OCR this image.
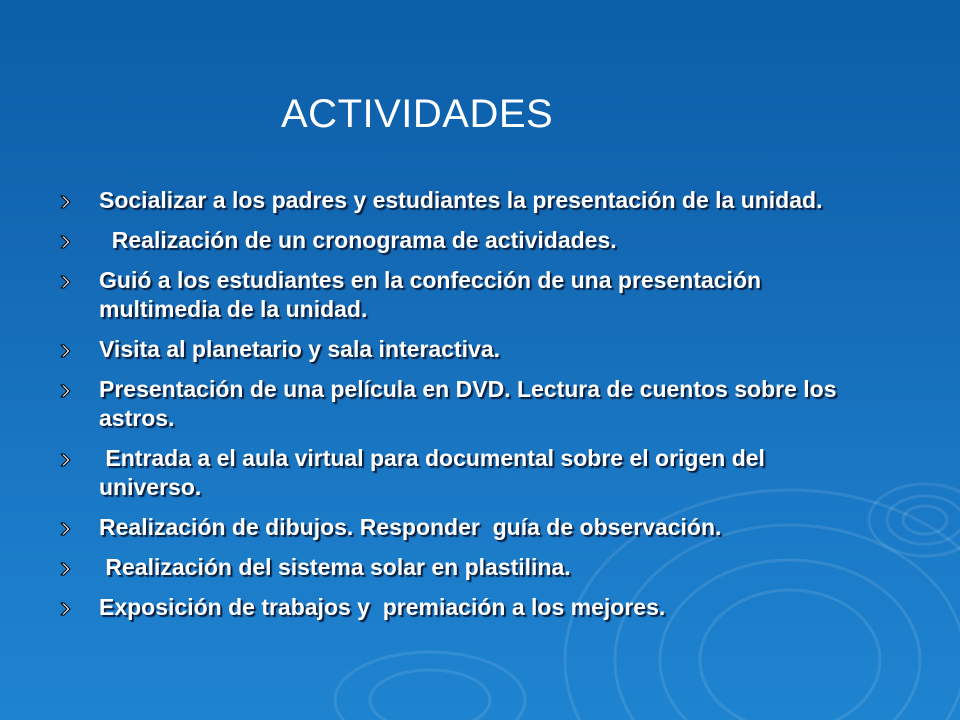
ACTIVIDADES
Socializar a los padres y estudiantes la presentación de la unidad.
Realización de un cronograma de actividades.
Guió a los estudiantes en la confección de una presentación multimedia de la unidad.
Visita al planetario y sala interactiva.
Presentación de una película en DVD. Lectura de cuentos sobre los astros.
Entrada a el aula virtual para documental sobre el origen del universo.
Realización de dibujos. Responder  guía de observación.
Realización del sistema solar en plastilina.
Exposición de trabajos y  premiación a los mejores.
